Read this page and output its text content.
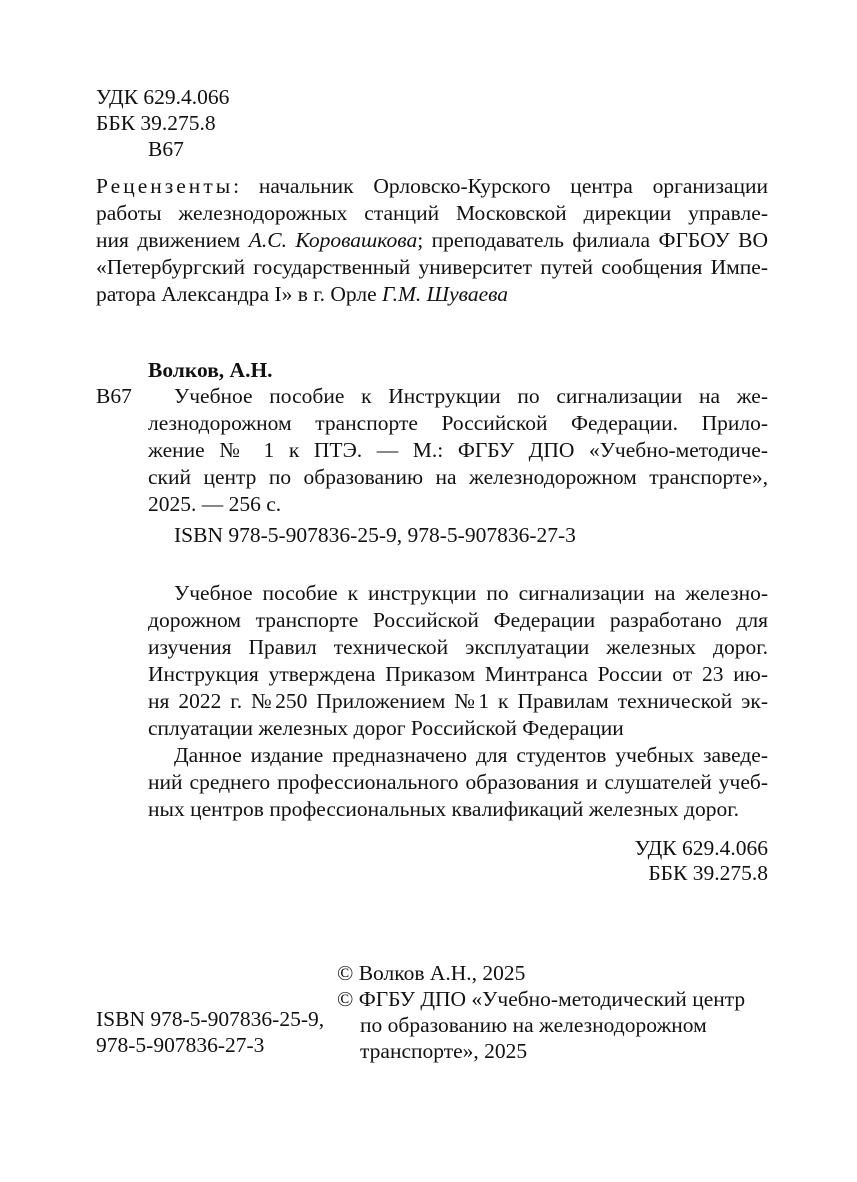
УДК 629.4.066
ББК 39.275.8
В67
Рецензенты: начальник Орловско-Курского центра организации
работы железнодорожных станций Московской дирекции управле-
ния движением А.С. Коровашкова; преподаватель филиала ФГБОУ ВО
«Петербургский государственный университет путей сообщения Импе-
ратора Александра I» в г. Орле Г.М. Шуваева
Волков, А.Н.
В67 Учебное пособие к Инструкции по сигнализации на же-
лезнодорожном транспорте Российской Федерации. Прило-
жение № 1 к ПТЭ. — М.: ФГБУ ДПО «Учебно-методиче-
ский центр по образованию на железнодорожном транспорте»,
2025. — 256 с.
ISBN 978-5-907836-25-9, 978-5-907836-27-3
Учебное пособие к инструкции по сигнализации на железно-
дорожном транспорте Российской Федерации разработано для
изучения Правил технической эксплуатации железных дорог.
Инструкция утверждена Приказом Минтранса России от 23 ию-
ня 2022 г. №250 Приложением №1 к Правилам технической эк-
сплуатации железных дорог Российской Федерации
Данное издание предназначено для студентов учебных заведе-
ний среднего профессионального образования и слушателей учеб-
ных центров профессиональных квалификаций железных дорог.
УДК 629.4.066
ББК 39.275.8
© Волков А.Н., 2025
© ФГБУ ДПО «Учебно-методический центр
по образованию на железнодорожном
транспорте», 2025
ISBN 978-5-907836-25-9,
978-5-907836-27-3
